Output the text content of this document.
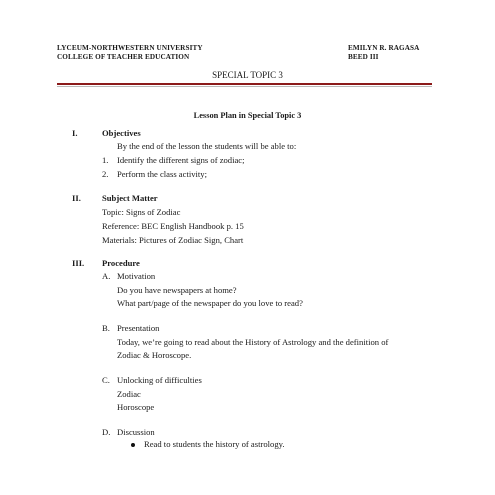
LYCEUM-NORTHWESTERN UNIVERSITY
COLLEGE OF TEACHER EDUCATION
EMILYN R. RAGASA
BEED III
SPECIAL TOPIC 3
Lesson Plan in Special Topic 3
I.	Objectives
By the end of the lesson the students will be able to:
1. Identify the different signs of zodiac;
2. Perform the class activity;
II. Subject Matter
Topic: Signs of Zodiac
Reference: BEC English Handbook p. 15
Materials: Pictures of Zodiac Sign, Chart
III. Procedure
A. Motivation
Do you have newspapers at home?
What part/page of the newspaper do you love to read?
B. Presentation
Today, we’re going to read about the History of Astrology and the definition of
Zodiac & Horoscope.
C. Unlocking of difficulties
Zodiac
Horoscope
D. Discussion
Read to students the history of astrology.
